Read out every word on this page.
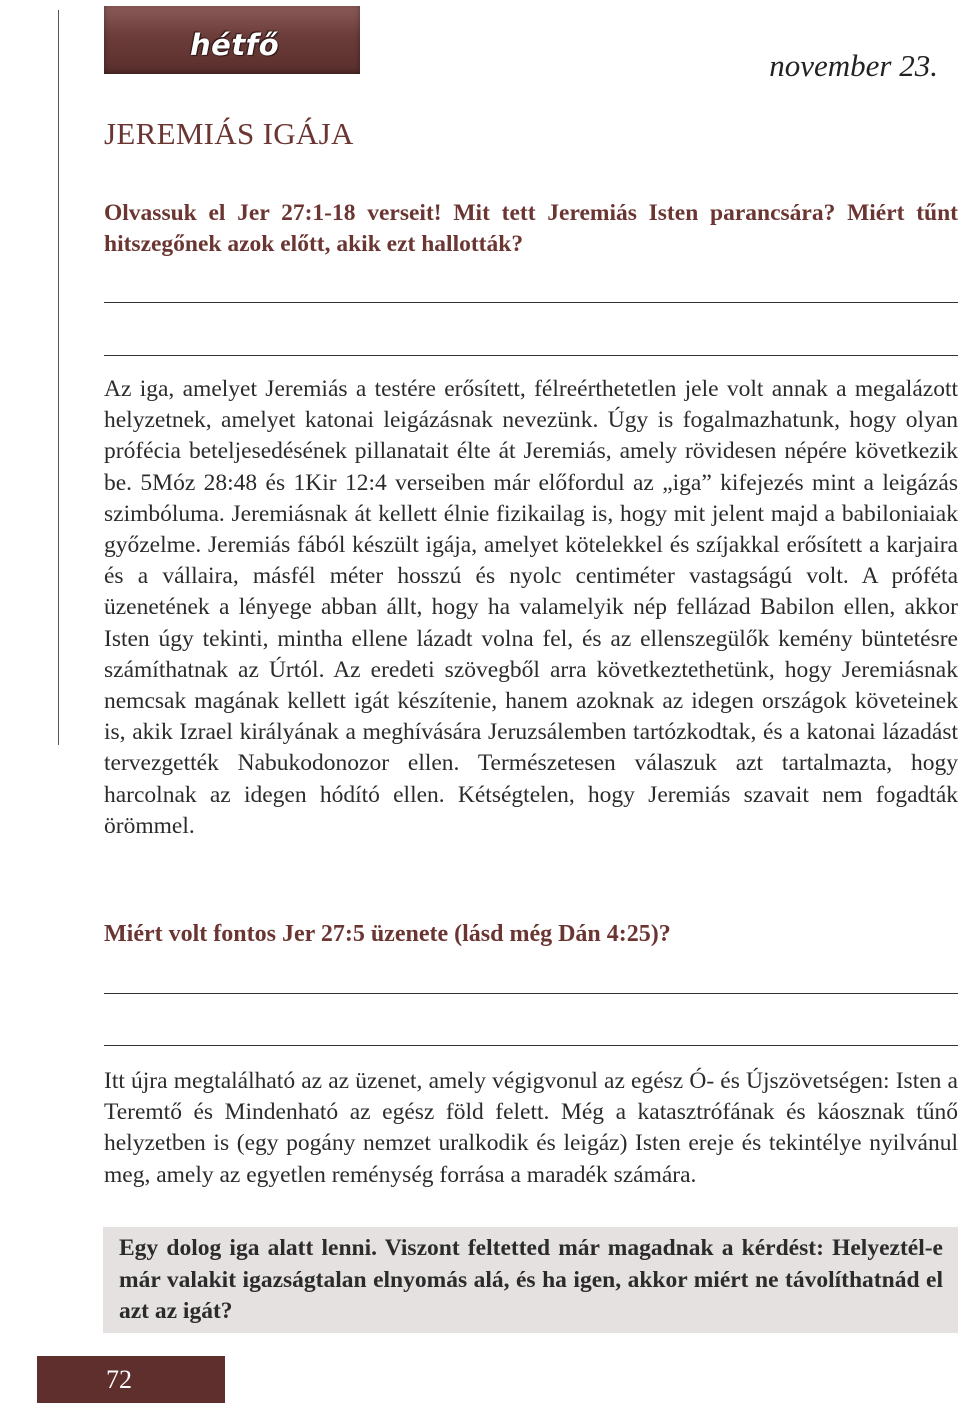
hétfő
november 23.
JEREMIÁS IGÁJA
Olvassuk el Jer 27:1-18 verseit! Mit tett Jeremiás Isten parancsára? Miért tűnt hitszegőnek azok előtt, akik ezt hallották?
Az iga, amelyet Jeremiás a testére erősített, félreérthetetlen jele volt annak a megalázott helyzetnek, amelyet katonai leigázásnak nevezünk. Úgy is fogalmazhatunk, hogy olyan prófécia beteljesedésének pillanatait élte át Jeremiás, amely rövidesen népére következik be. 5Móz 28:48 és 1Kir 12:4 verseiben már előfordul az „iga” kifejezés mint a leigázás szimbóluma. Jeremiásnak át kellett élnie fizikailag is, hogy mit jelent majd a babiloniaiak győzelme. Jeremiás fából készült igája, amelyet kötelekkel és szíjakkal erősített a karjaira és a vállaira, másfél méter hosszú és nyolc centiméter vastagságú volt. A próféta üzenetének a lényege abban állt, hogy ha valamelyik nép fellázad Babilon ellen, akkor Isten úgy tekinti, mintha ellene lázadt volna fel, és az ellenszegülők kemény büntetésre számíthatnak az Úrtól. Az eredeti szövegből arra következtethetünk, hogy Jeremiásnak nemcsak magának kellett igát készítenie, hanem azoknak az idegen országok követeinek is, akik Izrael királyának a meghívására Jeruzsálemben tartózkodtak, és a katonai lázadást tervezgették Nabukodonozor ellen. Természetesen válaszuk azt tartalmazta, hogy harcolnak az idegen hódító ellen. Kétségtelen, hogy Jeremiás szavait nem fogadták örömmel.
Miért volt fontos Jer 27:5 üzenete (lásd még Dán 4:25)?
Itt újra megtalálható az az üzenet, amely végigvonul az egész Ó- és Újszövetségen: Isten a Teremtő és Mindenható az egész föld felett. Még a katasztrófának és káosznak tűnő helyzetben is (egy pogány nemzet uralkodik és leigáz) Isten ereje és tekintélye nyilvánul meg, amely az egyetlen reménység forrása a maradék számára.
Egy dolog iga alatt lenni. Viszont feltetted már magadnak a kérdést: Helyeztél-e már valakit igazságtalan elnyomás alá, és ha igen, akkor miért ne távolíthatnád el azt az igát?
72
